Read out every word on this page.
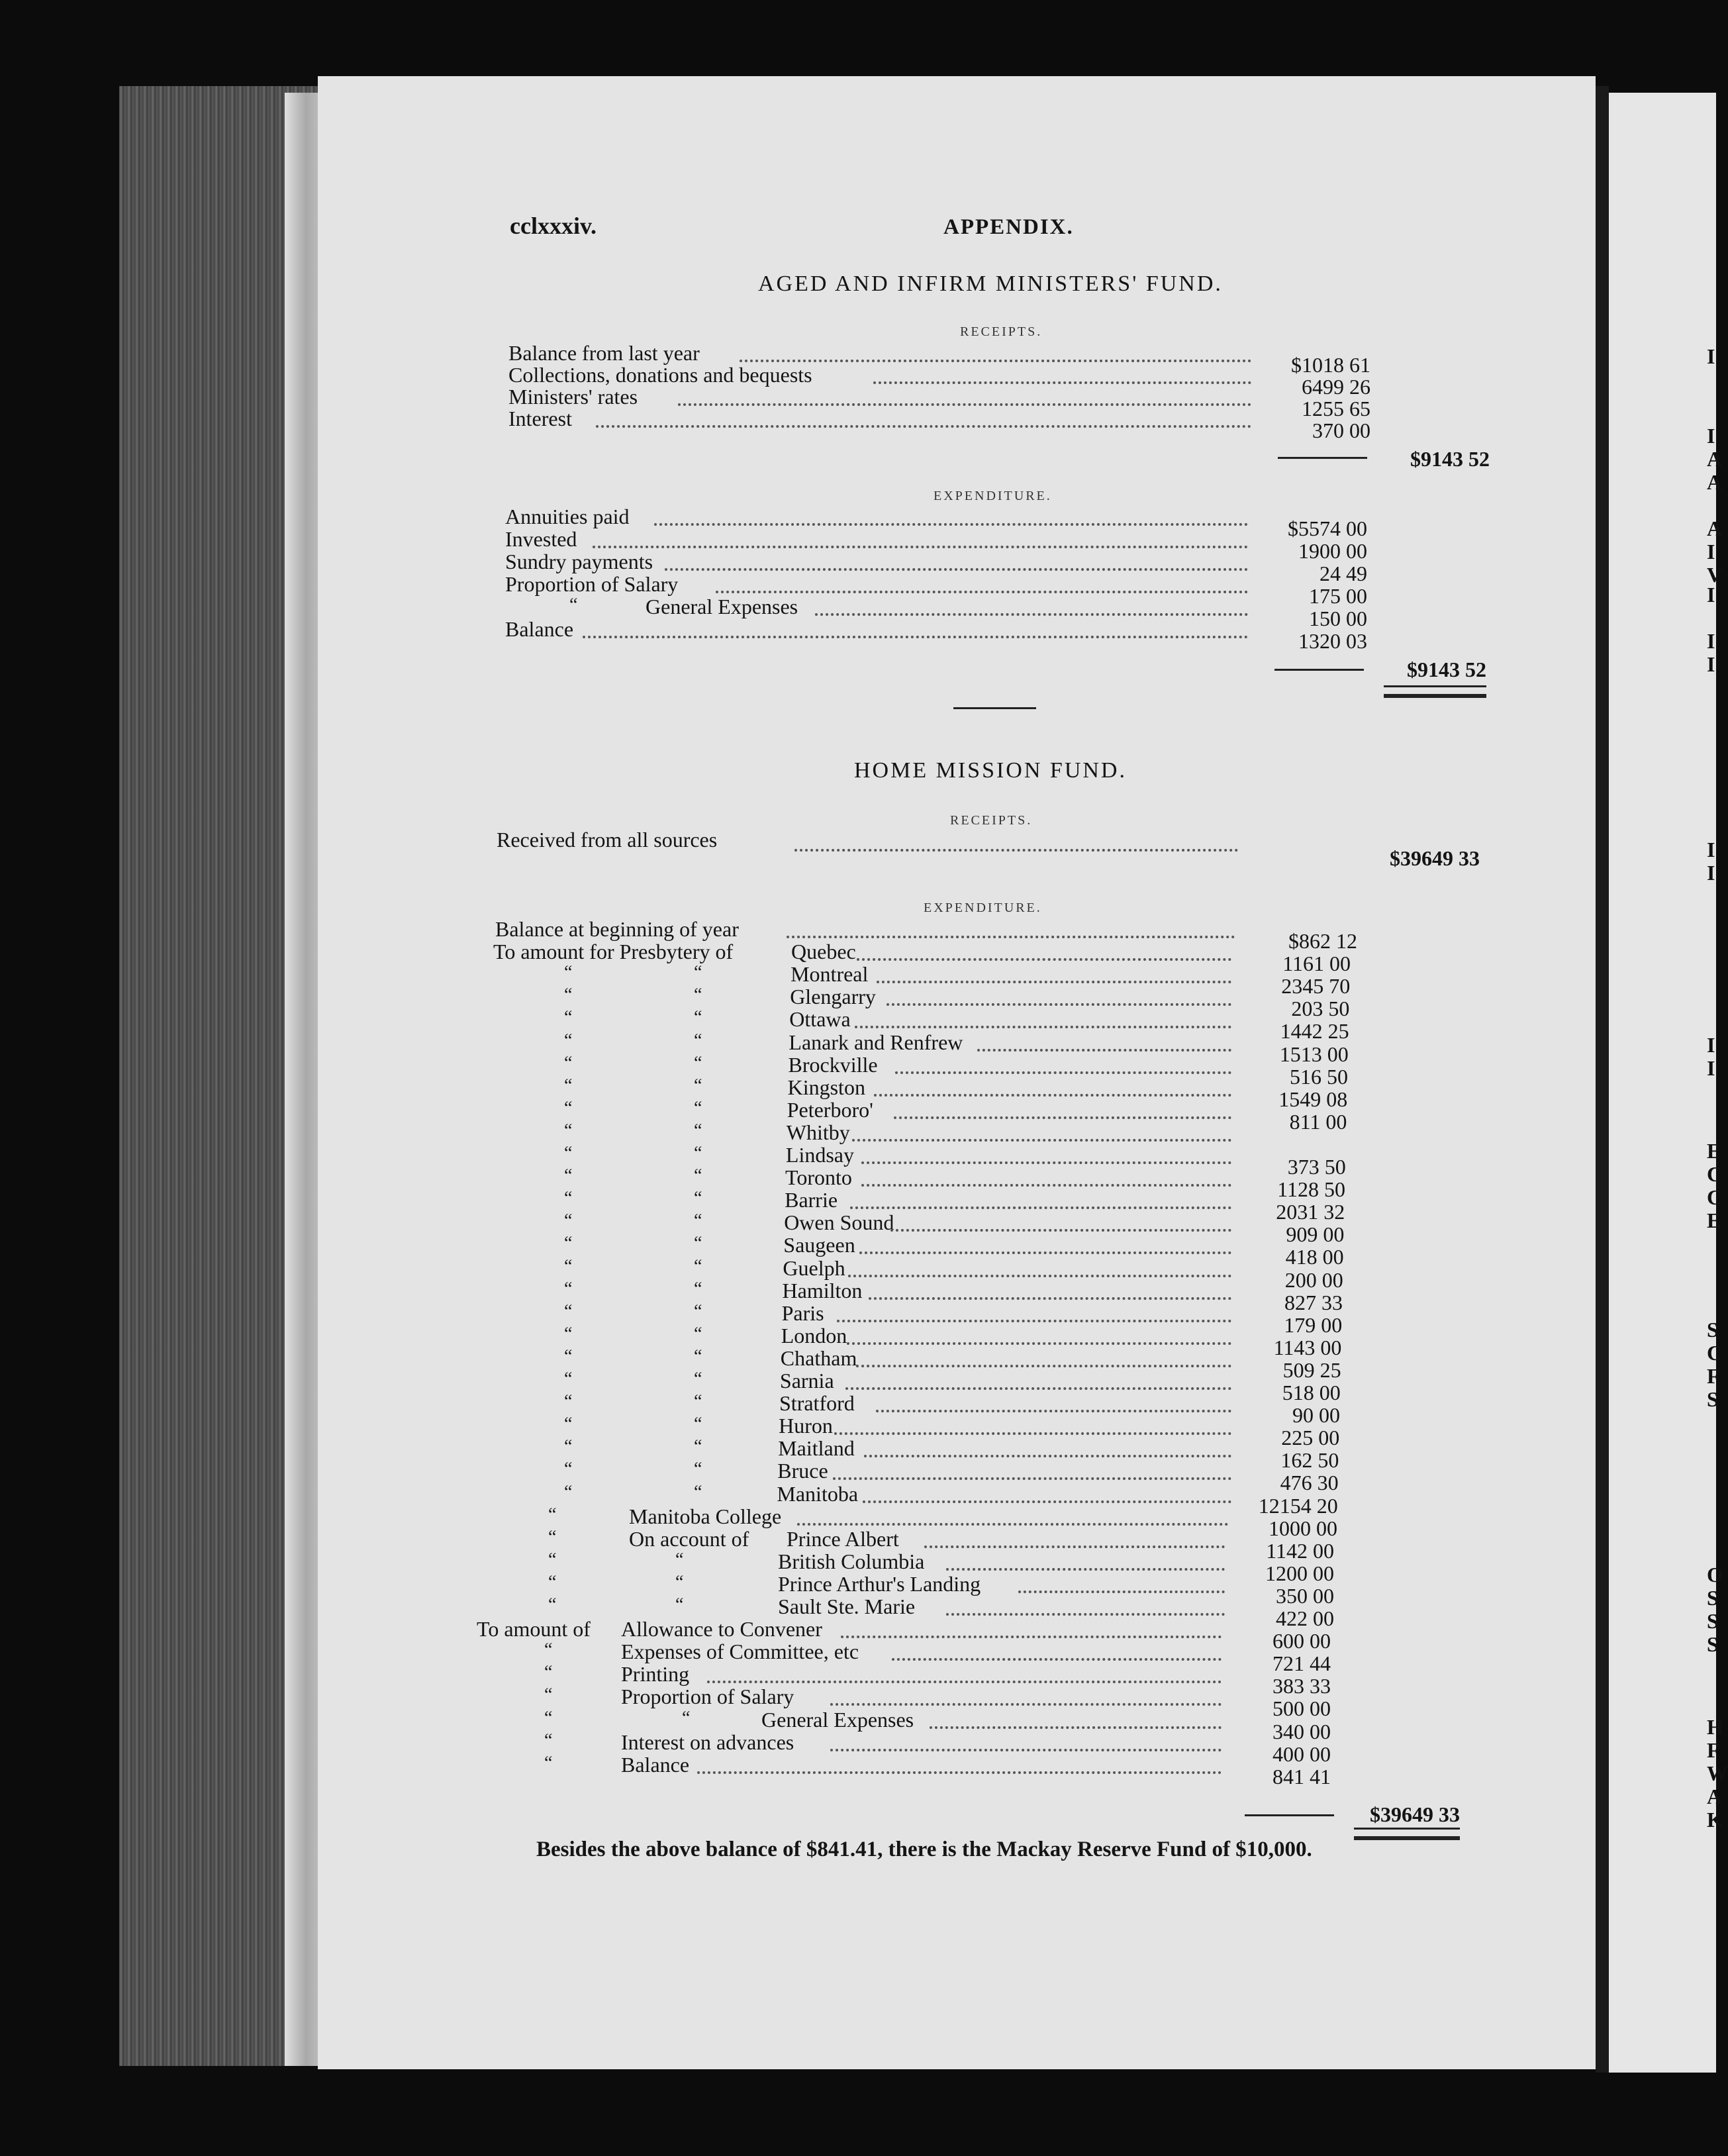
cclxxxiv.	APPENDIX.
AGED AND INFIRM MINISTERS' FUND.
RECEIPTS.
EXPENDITURE.
$9143 52
$9143 52
HOME MISSION FUND.
RECEIPTS.
Received from all sources
$39649 33
EXPENDITURE.
$39649 33
Besides the above balance of $841.41, there is the Mackay Reserve Fund of $10,000.
Balance from last year	$1018 61
Collections, donations and bequests	6499 26
Ministers' rates	1255 65
Interest	370 00
Annuities paid	$5574 00
Invested	1900 00
Sundry payments	24 49
Proportion of Salary	175 00
“	General Expenses	150 00
Balance	1320 03
Balance at beginning of year	$862 12
To amount for Presbytery of	Quebec	1161 00
“	“	Montreal	2345 70
“	“	Glengarry	203 50
“	“	Ottawa	1442 25
“	“	Lanark and Renfrew	1513 00
“	“	Brockville	516 50
“	“	Kingston	1549 08
“	“	Peterboro'	811 00
“	“	Whitby
“	“	Lindsay	373 50
“	“	Toronto	1128 50
“	“	Barrie	2031 32
“	“	Owen Sound	909 00
“	“	Saugeen	418 00
“	“	Guelph	200 00
“	“	Hamilton	827 33
“	“	Paris	179 00
“	“	London	1143 00
“	“	Chatham	509 25
“	“	Sarnia	518 00
“	“	Stratford	90 00
“	“	Huron	225 00
“	“	Maitland	162 50
“	“	Bruce	476 30
“	“	Manitoba	12154 20
“	Manitoba College	1000 00
“	On account of Prince Albert	1142 00
“	“	British Columbia	1200 00
“	“	Prince Arthur's Landing	350 00
“	“	Sault Ste. Marie	422 00
To amount of Allowance to Convener	600 00
“	Expenses of Committee, etc	721 44
“	Printing	383 33
“	Proportion of Salary	500 00
“	“	General Expenses	340 00
“	Interest on advances	400 00
“	Balance	841 41
I
I
A
A
A
I
V
I
I
I
I
I
I
I
E
C
C
E
S
C
F
S
O
S
S
S
H
F
W
A
K
